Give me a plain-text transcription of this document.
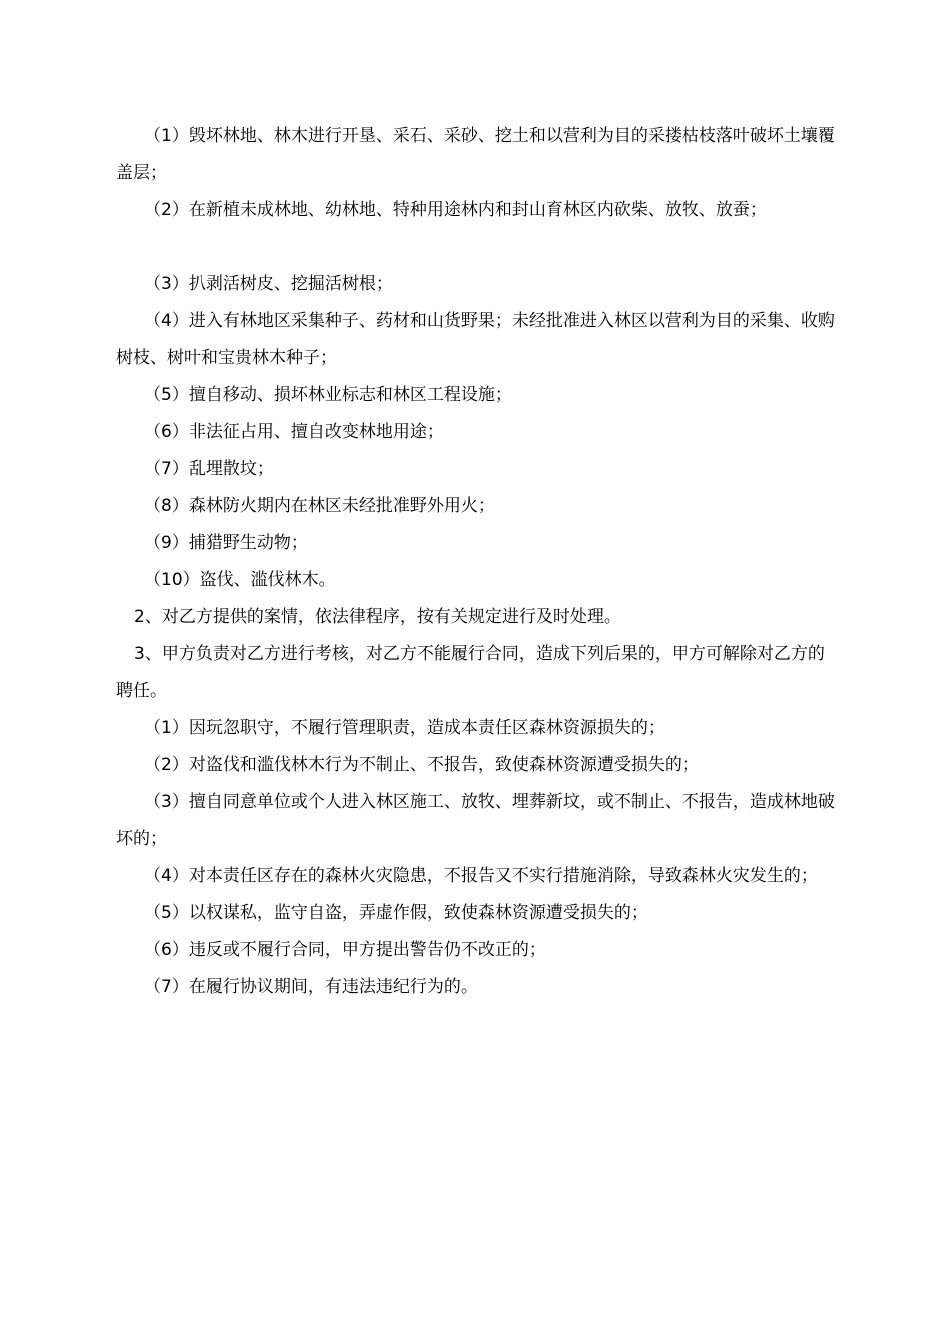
（1）毁坏林地、林木进行开垦、采石、采砂、挖土和以营利为目的采搂枯枝落叶破坏土壤覆盖层；

（2）在新植未成林地、幼林地、特种用途林内和封山育林区内砍柴、放牧、放蚕；

（3）扒剥活树皮、挖掘活树根；

（4）进入有林地区采集种子、药材和山货野果；未经批准进入林区以营利为目的采集、收购树枝、树叶和宝贵林木种子；

（5）擅自移动、损坏林业标志和林区工程设施；

（6）非法征占用、擅自改变林地用途；

（7）乱埋散坟；

（8）森林防火期内在林区未经批准野外用火；

（9）捕猎野生动物；

（10）盗伐、滥伐林木。

2、对乙方提供的案情，依法律程序，按有关规定进行及时处理。

3、甲方负责对乙方进行考核，对乙方不能履行合同，造成下列后果的，甲方可解除对乙方的聘任。

（1）因玩忽职守，不履行管理职责，造成本责任区森林资源损失的；

（2）对盗伐和滥伐林木行为不制止、不报告，致使森林资源遭受损失的；

（3）擅自同意单位或个人进入林区施工、放牧、埋葬新坟，或不制止、不报告，造成林地破坏的；

（4）对本责任区存在的森林火灾隐患，不报告又不实行措施消除，导致森林火灾发生的；

（5）以权谋私，监守自盗，弄虚作假，致使森林资源遭受损失的；

（6）违反或不履行合同，甲方提出警告仍不改正的；

（7）在履行协议期间，有违法违纪行为的。
